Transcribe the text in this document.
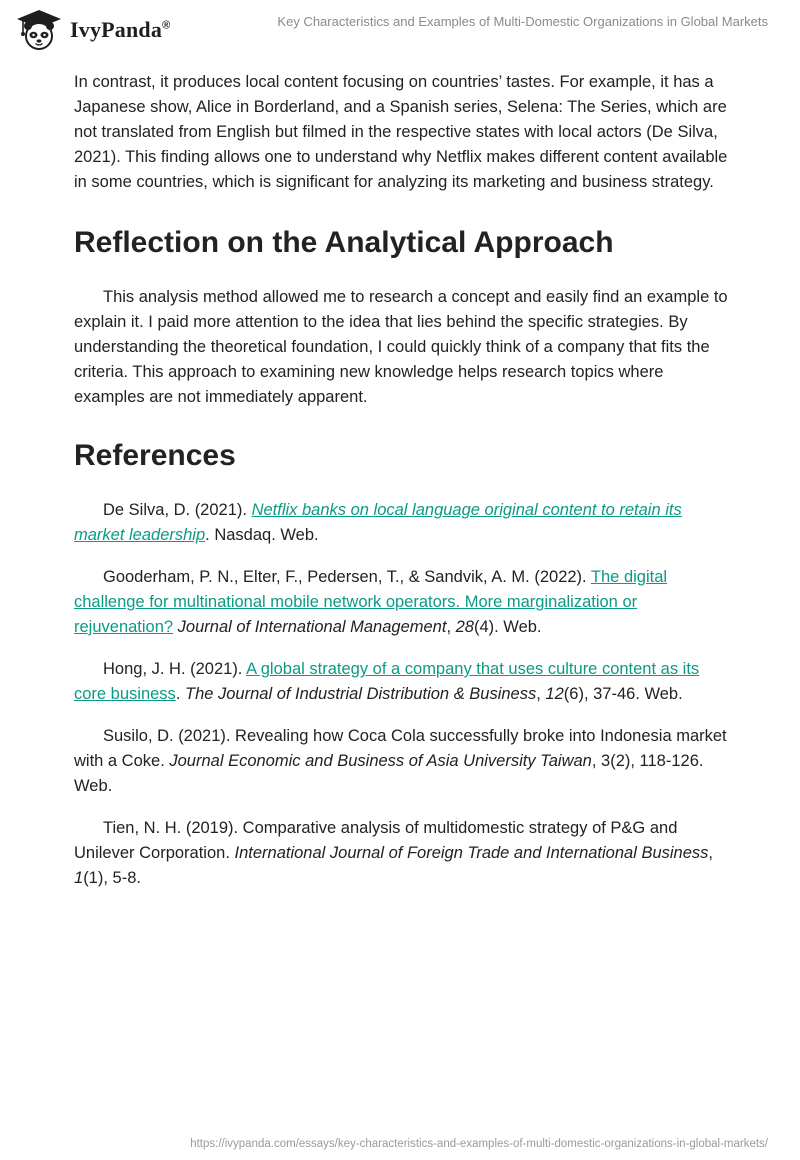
IvyPanda®	Key Characteristics and Examples of Multi-Domestic Organizations in Global Markets

In contrast, it produces local content focusing on countries’ tastes. For example, it has a Japanese show, Alice in Borderland, and a Spanish series, Selena: The Series, which are not translated from English but filmed in the respective states with local actors (De Silva, 2021). This finding allows one to understand why Netflix makes different content available in some countries, which is significant for analyzing its marketing and business strategy.

Reflection on the Analytical Approach

This analysis method allowed me to research a concept and easily find an example to explain it. I paid more attention to the idea that lies behind the specific strategies. By understanding the theoretical foundation, I could quickly think of a company that fits the criteria. This approach to examining new knowledge helps research topics where examples are not immediately apparent.

References

De Silva, D. (2021). Netflix banks on local language original content to retain its market leadership. Nasdaq. Web.

Gooderham, P. N., Elter, F., Pedersen, T., & Sandvik, A. M. (2022). The digital challenge for multinational mobile network operators. More marginalization or rejuvenation? Journal of International Management, 28(4). Web.

Hong, J. H. (2021). A global strategy of a company that uses culture content as its core business. The Journal of Industrial Distribution & Business, 12(6), 37-46. Web.

Susilo, D. (2021). Revealing how Coca Cola successfully broke into Indonesia market with a Coke. Journal Economic and Business of Asia University Taiwan, 3(2), 118-126. Web.

Tien, N. H. (2019). Comparative analysis of multidomestic strategy of P&G and Unilever Corporation. International Journal of Foreign Trade and International Business, 1(1), 5-8.

https://ivypanda.com/essays/key-characteristics-and-examples-of-multi-domestic-organizations-in-global-markets/
